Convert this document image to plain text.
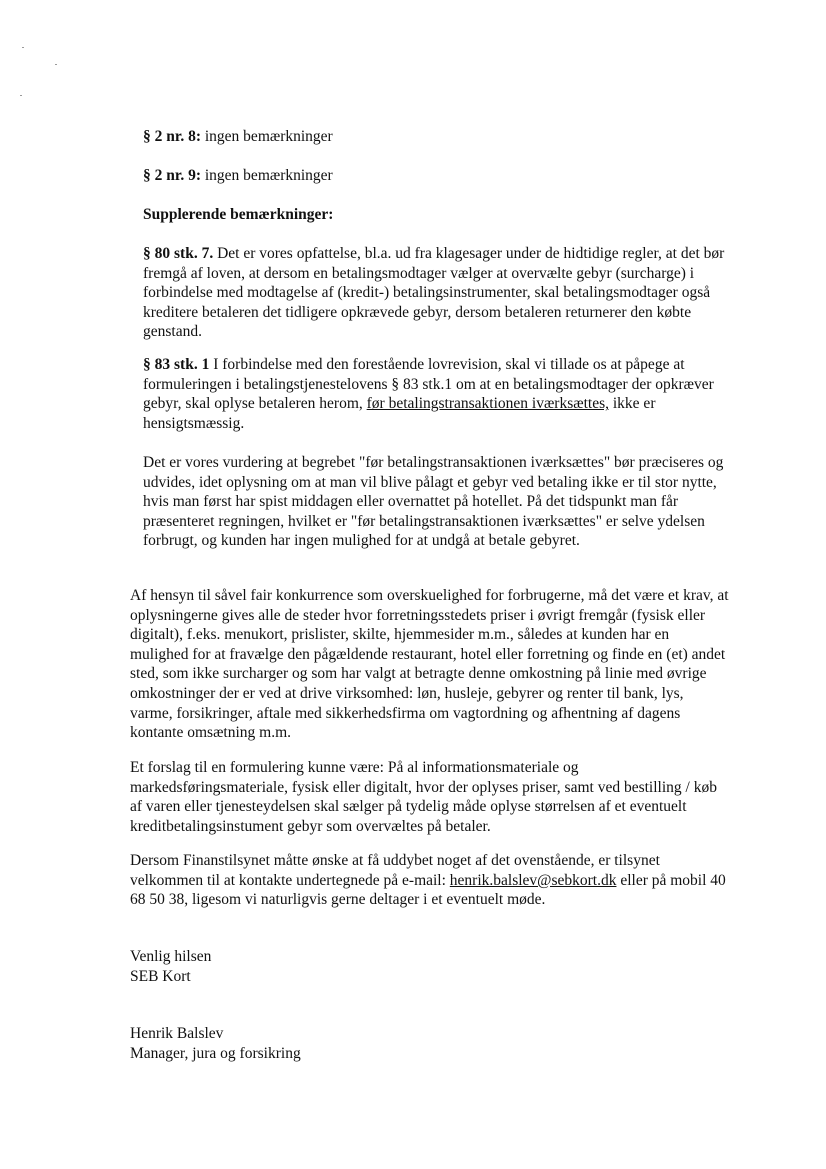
§ 2 nr. 8: ingen bemærkninger

§ 2 nr. 9: ingen bemærkninger

Supplerende bemærkninger:

§ 80 stk. 7. Det er vores opfattelse, bl.a. ud fra klagesager under de hidtidige regler, at det bør fremgå af loven, at dersom en betalingsmodtager vælger at overvælte gebyr (surcharge) i forbindelse med modtagelse af (kredit-) betalingsinstrumenter, skal betalingsmodtager også kreditere betaleren det tidligere opkrævede gebyr, dersom betaleren returnerer den købte genstand.

§ 83 stk. 1 I forbindelse med den forestående lovrevision, skal vi tillade os at påpege at formuleringen i betalingstjenestelovens § 83 stk.1 om at en betalingsmodtager der opkræver gebyr, skal oplyse betaleren herom, før betalingstransaktionen iværksættes, ikke er hensigtsmæssig.

Det er vores vurdering at begrebet "før betalingstransaktionen iværksættes" bør præciseres og udvides, idet oplysning om at man vil blive pålagt et gebyr ved betaling ikke er til stor nytte, hvis man først har spist middagen eller overnattet på hotellet. På det tidspunkt man får præsenteret regningen, hvilket er "før betalingstransaktionen iværksættes" er selve ydelsen forbrugt, og kunden har ingen mulighed for at undgå at betale gebyret.

Af hensyn til såvel fair konkurrence som overskuelighed for forbrugerne, må det være et krav, at oplysningerne gives alle de steder hvor forretningsstedets priser i øvrigt fremgår (fysisk eller digitalt), f.eks. menukort, prislister, skilte, hjemmesider m.m., således at kunden har en mulighed for at fravælge den pågældende restaurant, hotel eller forretning og finde en (et) andet sted, som ikke surcharger og som har valgt at betragte denne omkostning på linie med øvrige omkostninger der er ved at drive virksomhed: løn, husleje, gebyrer og renter til bank, lys, varme, forsikringer, aftale med sikkerhedsfirma om vagtordning og afhentning af dagens kontante omsætning m.m.

Et forslag til en formulering kunne være: På al informationsmateriale og markedsføringsmateriale, fysisk eller digitalt, hvor der oplyses priser, samt ved bestilling / køb af varen eller tjenesteydelsen skal sælger på tydelig måde oplyse størrelsen af et eventuelt kreditbetalingsinstument gebyr som overvæltes på betaler.

Dersom Finanstilsynet måtte ønske at få uddybet noget af det ovenstående, er tilsynet velkommen til at kontakte undertegnede på e-mail: henrik.balslev@sebkort.dk eller på mobil 40 68 50 38, ligesom vi naturligvis gerne deltager i et eventuelt møde.

Venlig hilsen

SEB Kort

Henrik Balslev

Manager, jura og forsikring
